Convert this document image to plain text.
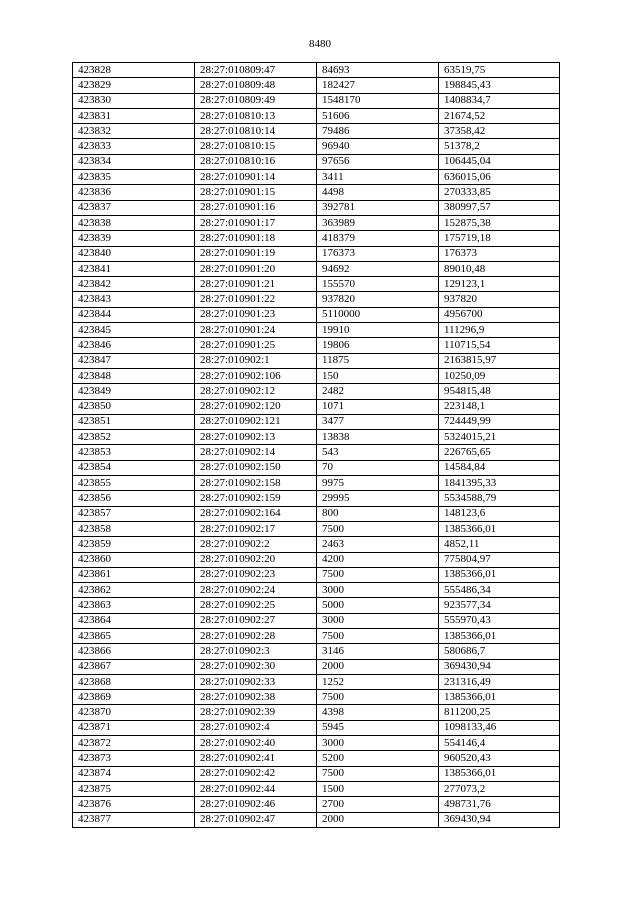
8480
423828	28:27:010809:47	84693	63519,75
423829	28:27:010809:48	182427	198845,43
423830	28:27:010809:49	1548170	1408834,7
423831	28:27:010810:13	51606	21674,52
423832	28:27:010810:14	79486	37358,42
423833	28:27:010810:15	96940	51378,2
423834	28:27:010810:16	97656	106445,04
423835	28:27:010901:14	3411	636015,06
423836	28:27:010901:15	4498	270333,85
423837	28:27:010901:16	392781	380997,57
423838	28:27:010901:17	363989	152875,38
423839	28:27:010901:18	418379	175719,18
423840	28:27:010901:19	176373	176373
423841	28:27:010901:20	94692	89010,48
423842	28:27:010901:21	155570	129123,1
423843	28:27:010901:22	937820	937820
423844	28:27:010901:23	5110000	4956700
423845	28:27:010901:24	19910	111296,9
423846	28:27:010901:25	19806	110715,54
423847	28:27:010902:1	11875	2163815,97
423848	28:27:010902:106	150	10250,09
423849	28:27:010902:12	2482	954815,48
423850	28:27:010902:120	1071	223148,1
423851	28:27:010902:121	3477	724449,99
423852	28:27:010902:13	13838	5324015,21
423853	28:27:010902:14	543	226765,65
423854	28:27:010902:150	70	14584,84
423855	28:27:010902:158	9975	1841395,33
423856	28:27:010902:159	29995	5534588,79
423857	28:27:010902:164	800	148123,6
423858	28:27:010902:17	7500	1385366,01
423859	28:27:010902:2	2463	4852,11
423860	28:27:010902:20	4200	775804,97
423861	28:27:010902:23	7500	1385366,01
423862	28:27:010902:24	3000	555486,34
423863	28:27:010902:25	5000	923577,34
423864	28:27:010902:27	3000	555970,43
423865	28:27:010902:28	7500	1385366,01
423866	28:27:010902:3	3146	580686,7
423867	28:27:010902:30	2000	369430,94
423868	28:27:010902:33	1252	231316,49
423869	28:27:010902:38	7500	1385366,01
423870	28:27:010902:39	4398	811200,25
423871	28:27:010902:4	5945	1098133,46
423872	28:27:010902:40	3000	554146,4
423873	28:27:010902:41	5200	960520,43
423874	28:27:010902:42	7500	1385366,01
423875	28:27:010902:44	1500	277073,2
423876	28:27:010902:46	2700	498731,76
423877	28:27:010902:47	2000	369430,94
